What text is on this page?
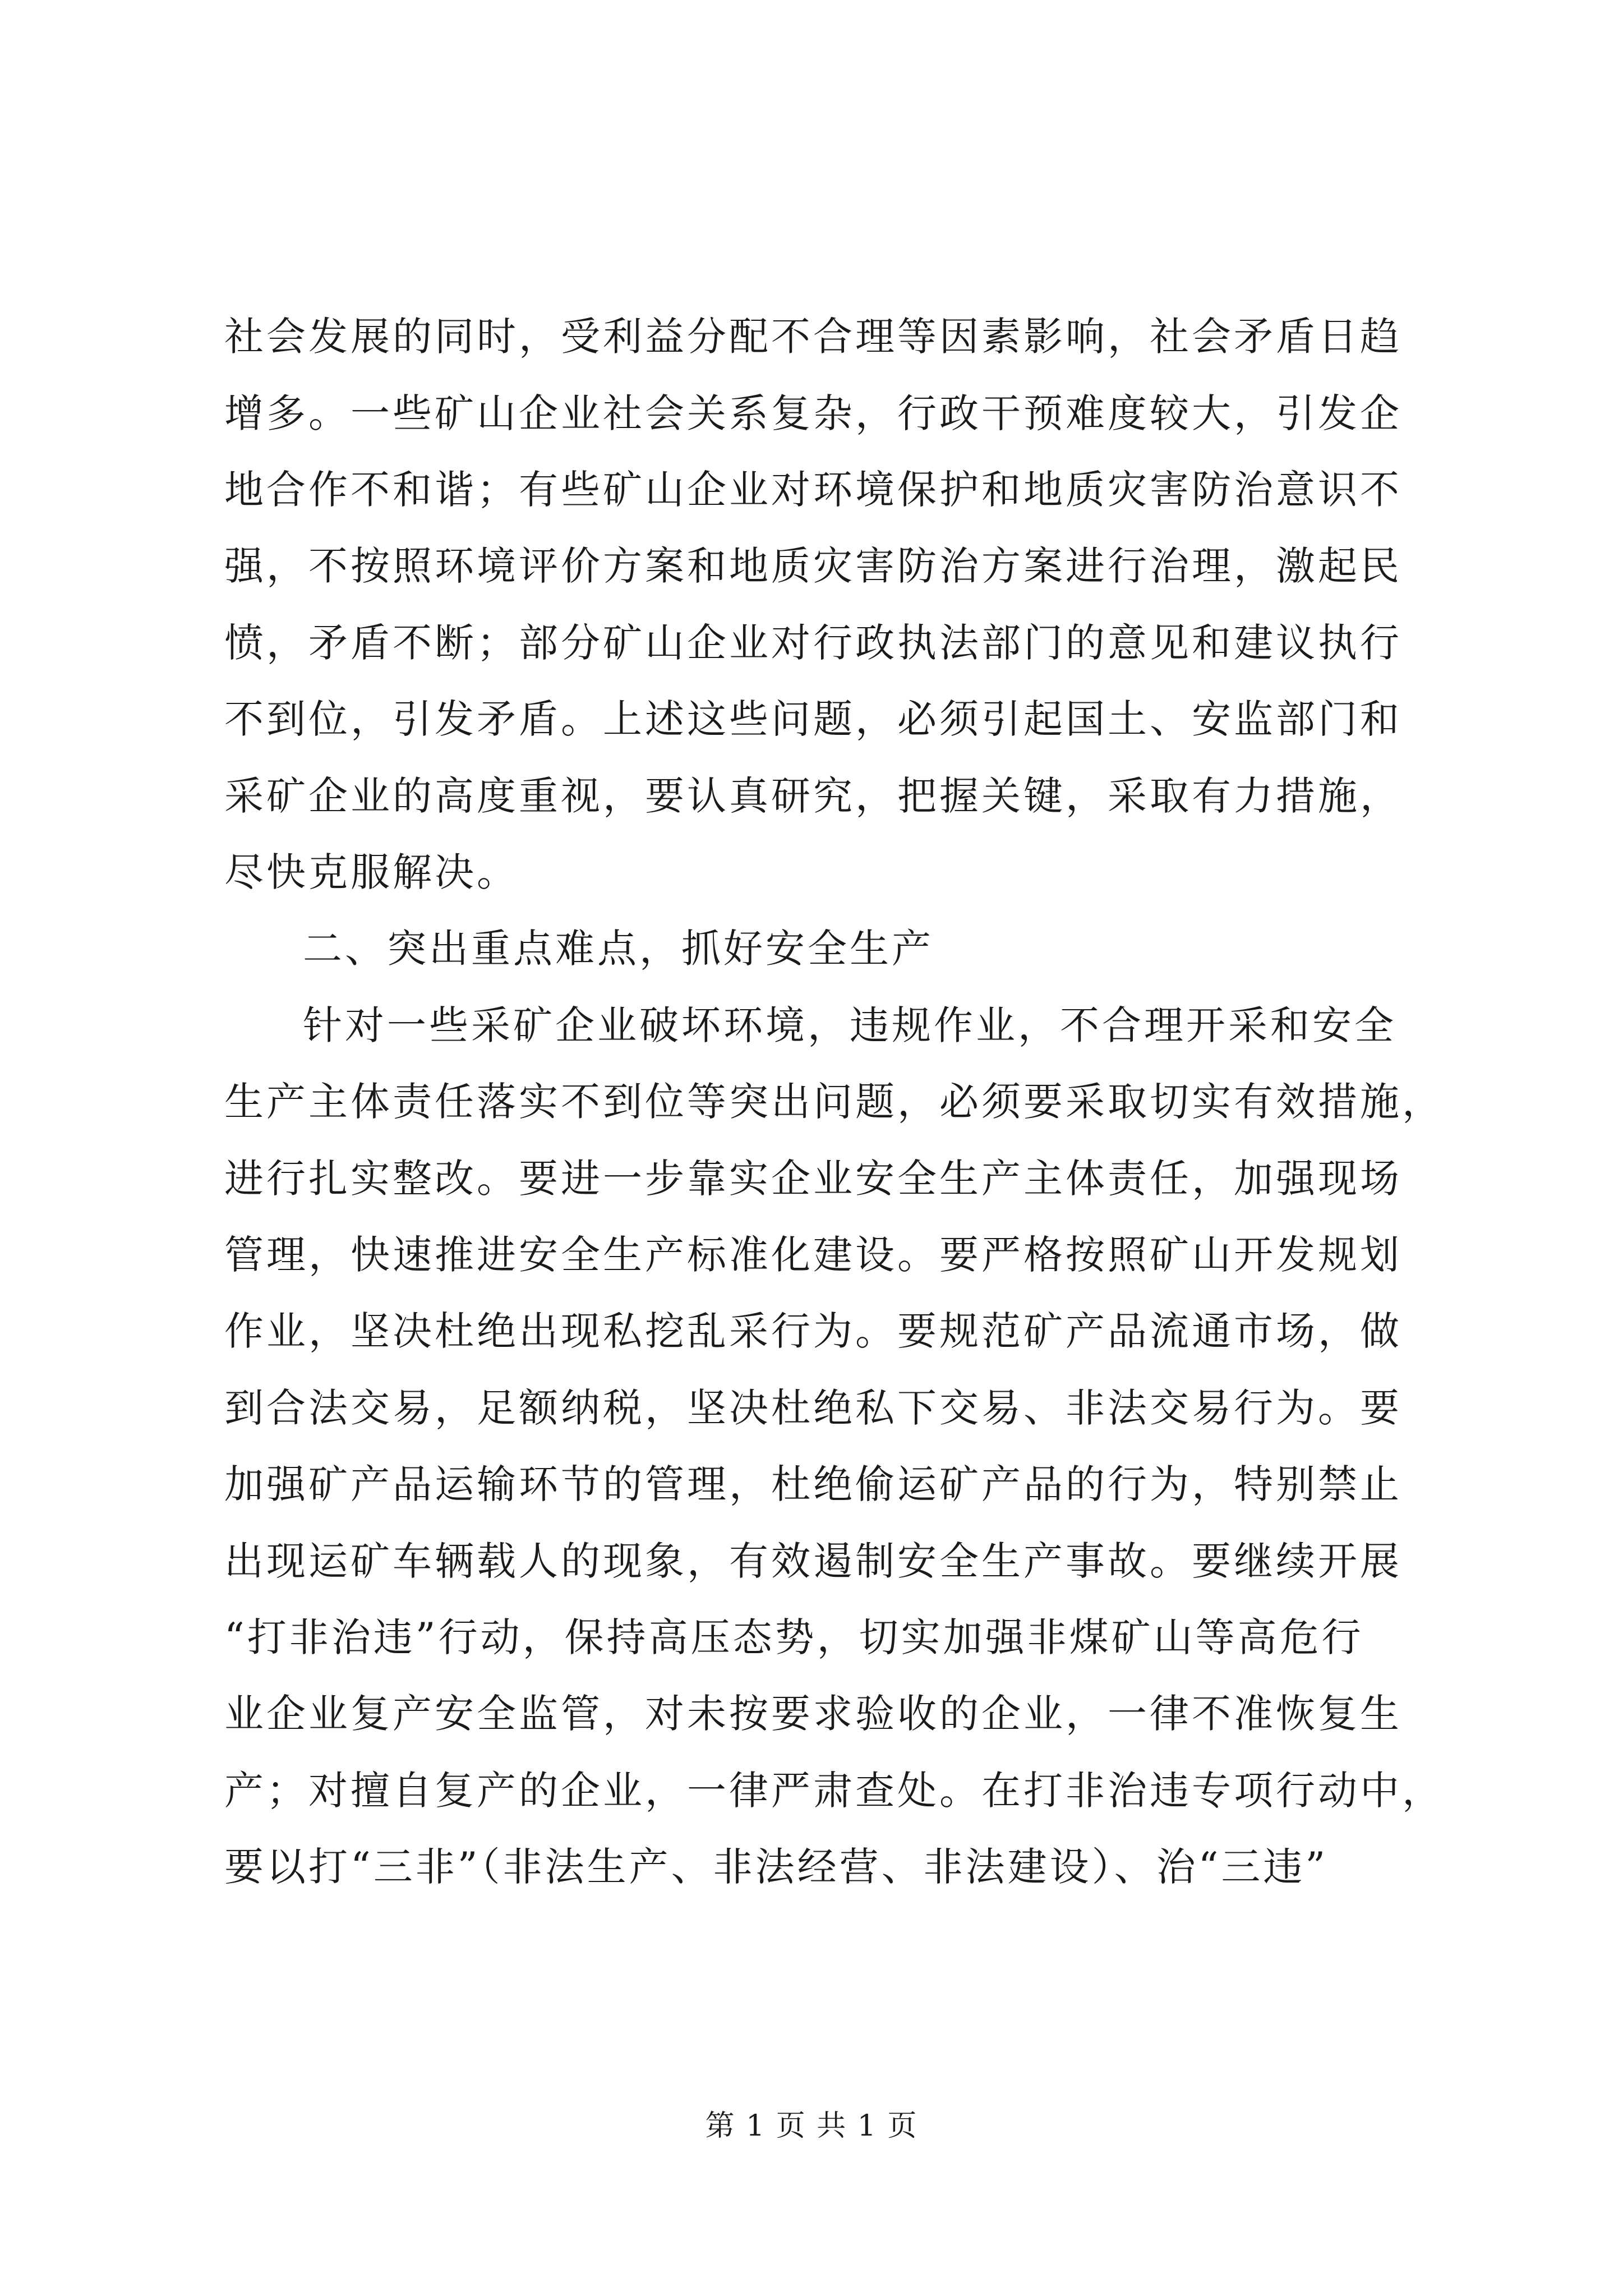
社会发展的同时，受利益分配不合理等因素影响，社会矛盾日趋
增多。一些矿山企业社会关系复杂，行政干预难度较大，引发企
地合作不和谐；有些矿山企业对环境保护和地质灾害防治意识不
强，不按照环境评价方案和地质灾害防治方案进行治理，激起民
愤，矛盾不断；部分矿山企业对行政执法部门的意见和建议执行
不到位，引发矛盾。上述这些问题，必须引起国土、安监部门和
采矿企业的高度重视，要认真研究，把握关键，采取有力措施，
尽快克服解决。
二、突出重点难点，抓好安全生产
针对一些采矿企业破坏环境，违规作业，不合理开采和安全
生产主体责任落实不到位等突出问题，必须要采取切实有效措施，
进行扎实整改。要进一步靠实企业安全生产主体责任，加强现场
管理，快速推进安全生产标准化建设。要严格按照矿山开发规划
作业，坚决杜绝出现私挖乱采行为。要规范矿产品流通市场，做
到合法交易，足额纳税，坚决杜绝私下交易、非法交易行为。要
加强矿产品运输环节的管理，杜绝偷运矿产品的行为，特别禁止
出现运矿车辆载人的现象，有效遏制安全生产事故。要继续开展
“打非治违”行动，保持高压态势，切实加强非煤矿山等高危行
业企业复产安全监管，对未按要求验收的企业，一律不准恢复生
产；对擅自复产的企业，一律严肃查处。在打非治违专项行动中，
要以打“三非”（非法生产、非法经营、非法建设）、治“三违”
第 1 页 共 1 页
